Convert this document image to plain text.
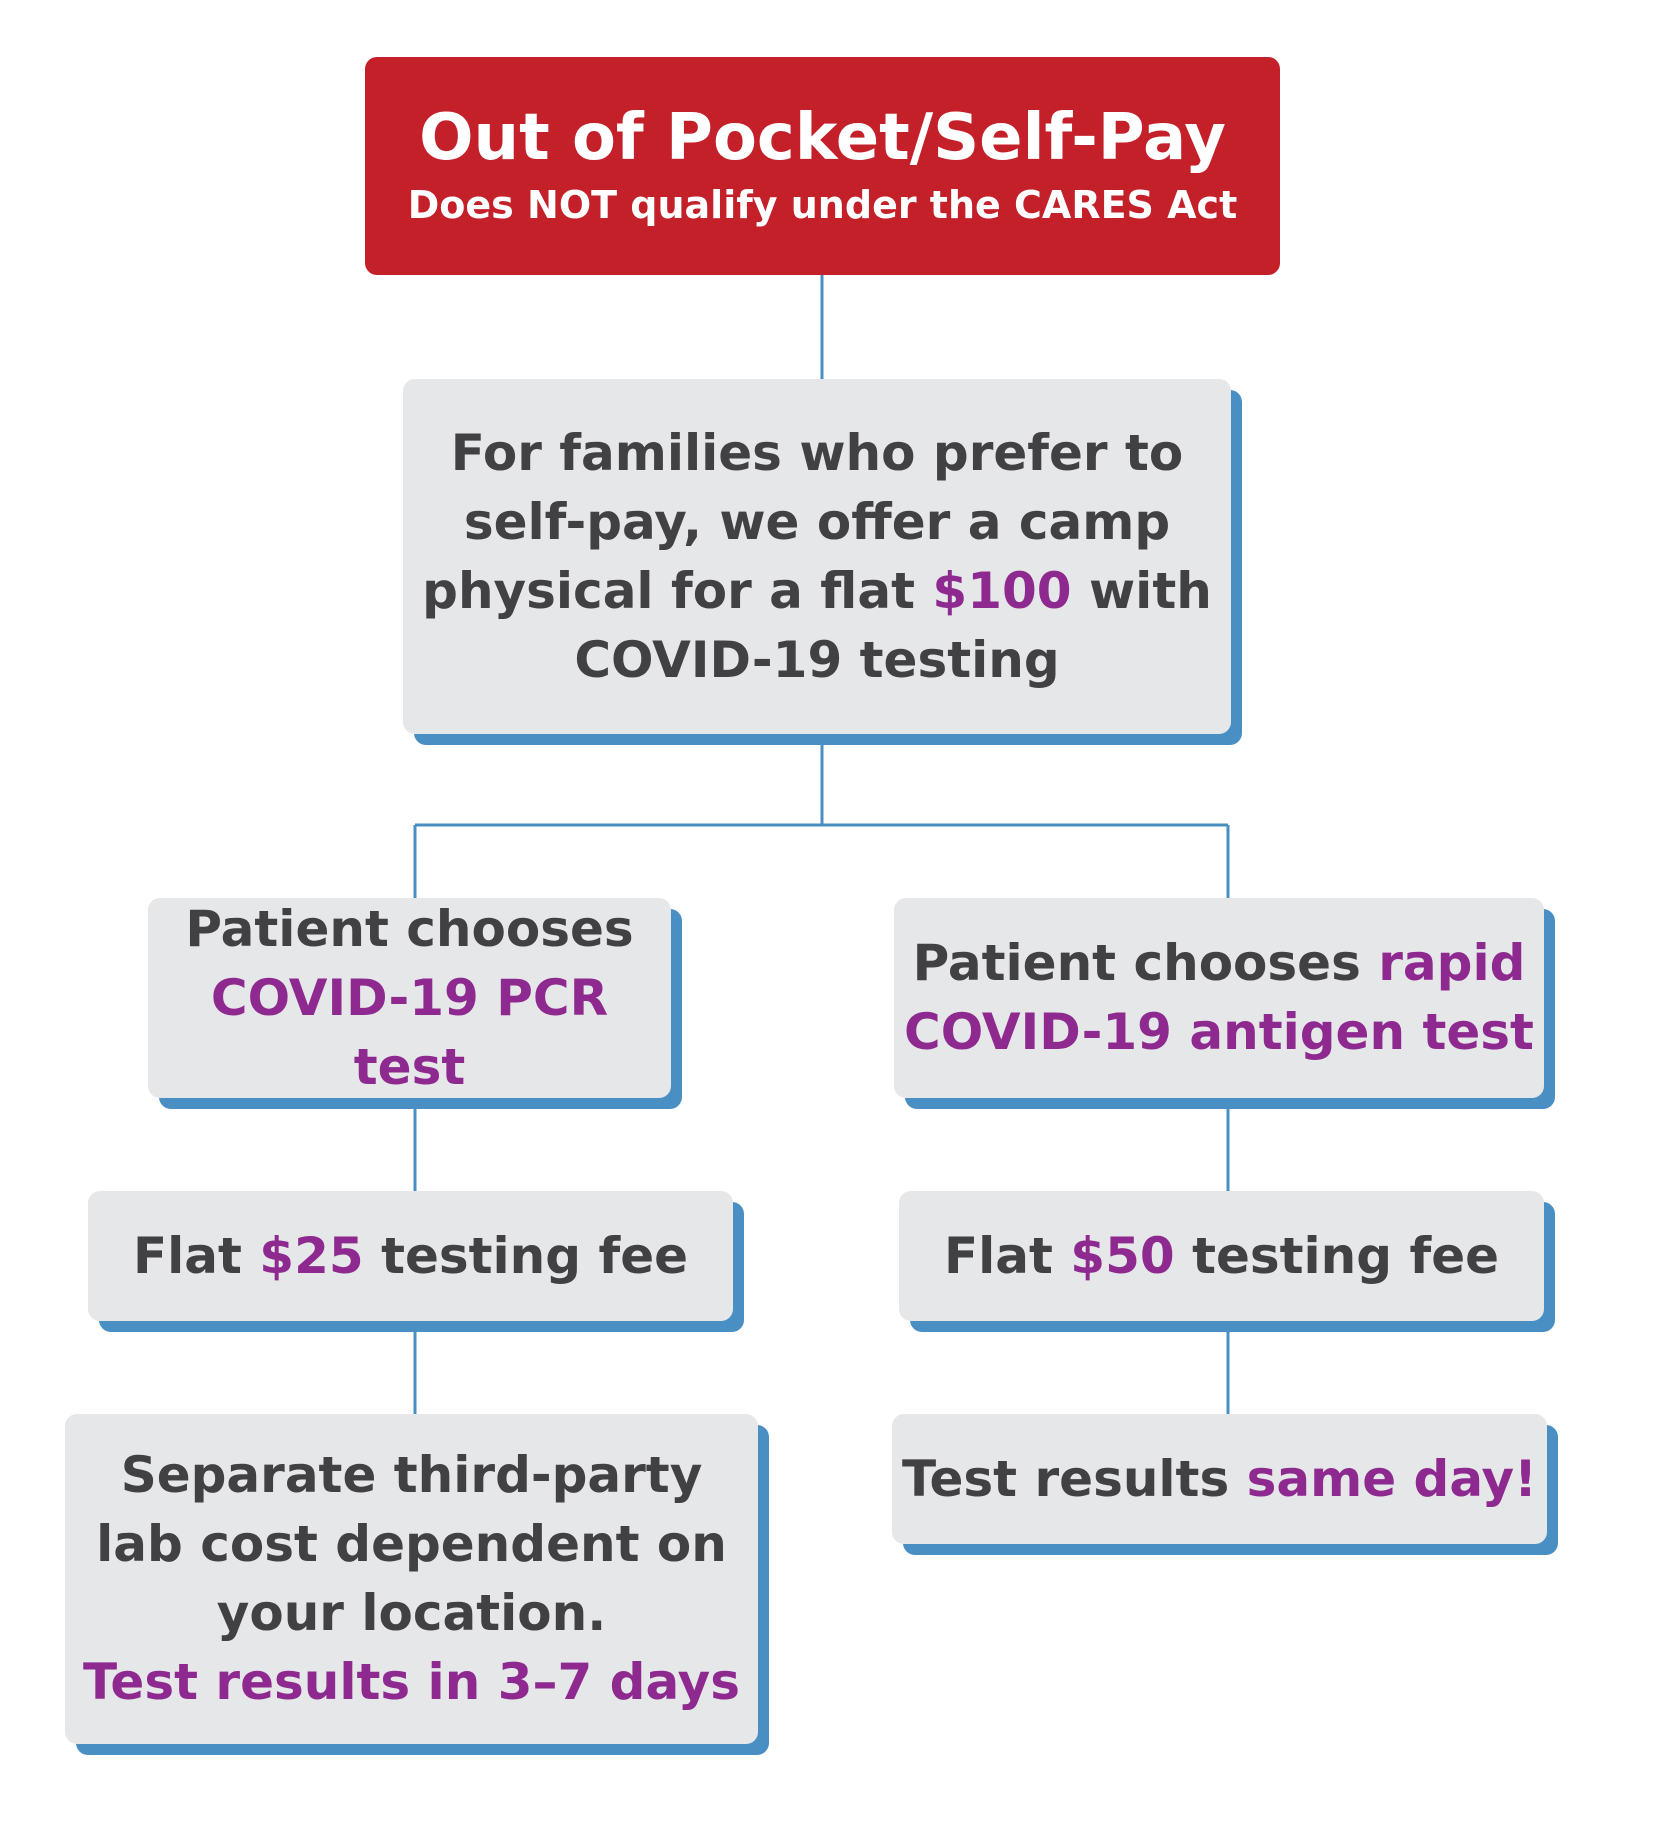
Out of Pocket/Self-Pay
Does NOT qualify under the CARES Act
For families who prefer to
self-pay, we offer a camp
physical for a flat $100 with
COVID-19 testing
Patient chooses
COVID-19 PCR test
Patient chooses rapid
COVID-19 antigen test
Flat $25 testing fee	Flat $50 testing fee
Separate third-party
lab cost dependent on
your location.
Test results in 3–7 days
Test results same day!
